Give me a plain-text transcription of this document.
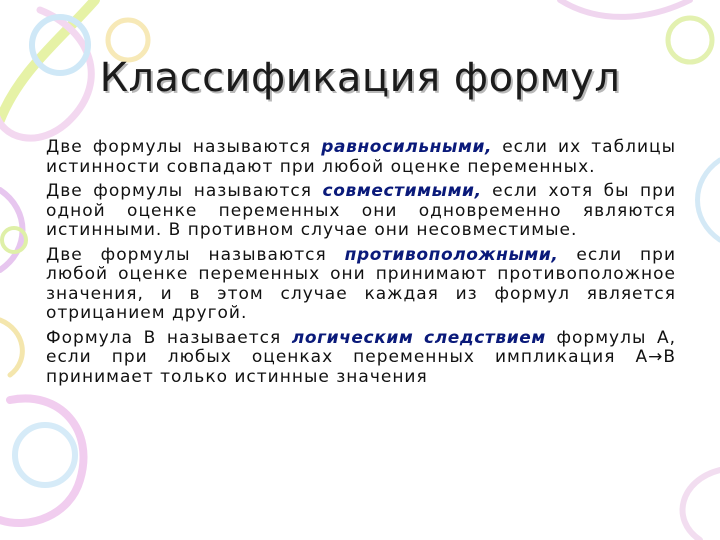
Классификация формул

Две формулы называются равносильными, если их таблицы истинности совпадают при любой оценке переменных.

Две формулы называются совместимыми, если хотя бы при одной оценке переменных они одновременно являются истинными. В противном случае они несовместимые.

Две формулы называются противоположными, если при любой оценке переменных они принимают противоположное значения, и в этом случае каждая из формул является отрицанием другой.

Формула В называется логическим следствием формулы А, если при любых оценках переменных импликация А→В принимает только истинные значения
